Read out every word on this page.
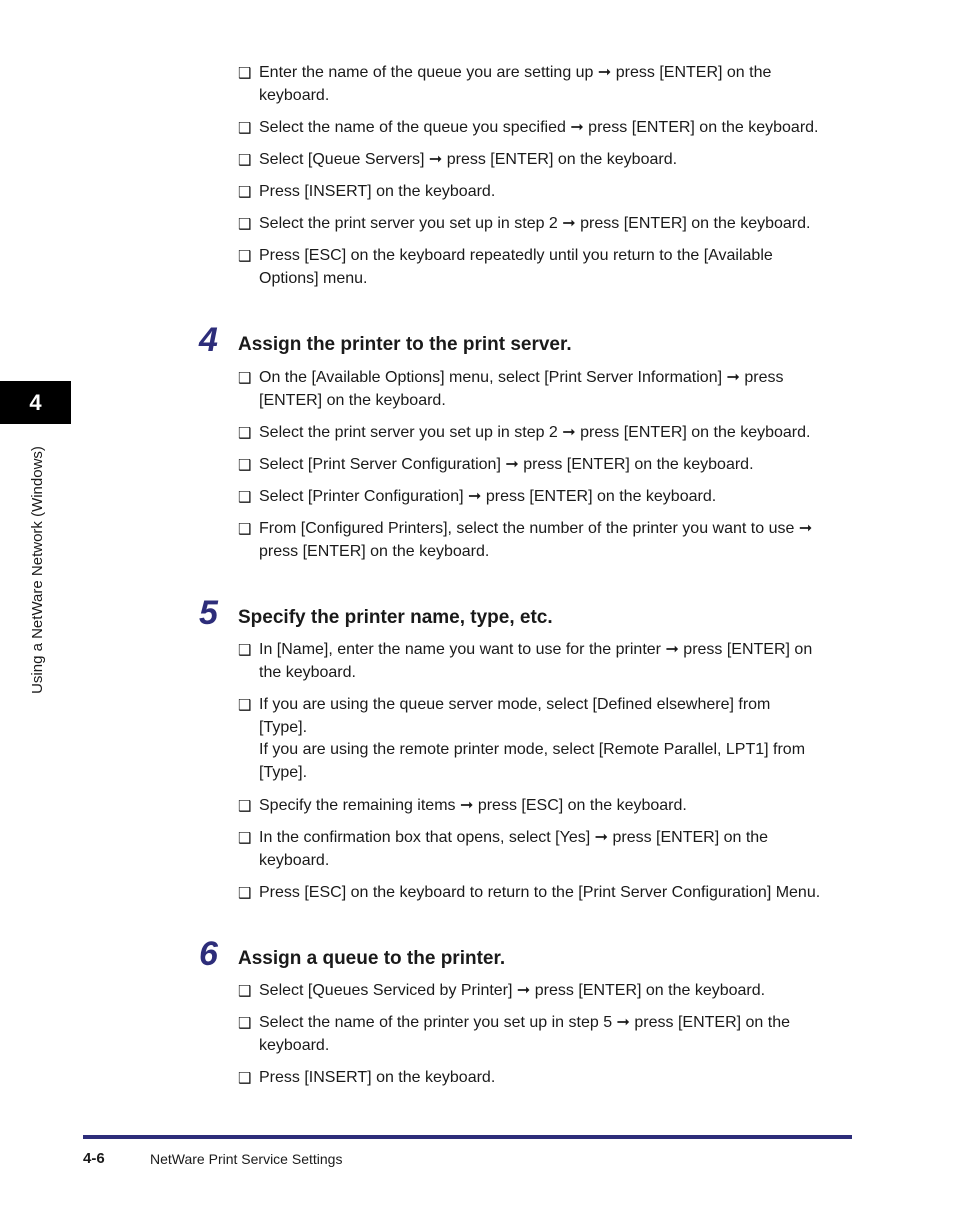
4
Using a NetWare Network (Windows)
❑ Enter the name of the queue you are setting up ➞ press [ENTER] on the
keyboard.
❑ Select the name of the queue you specified ➞ press [ENTER] on the keyboard.
❑ Select [Queue Servers] ➞ press [ENTER] on the keyboard.
❑ Press [INSERT] on the keyboard.
❑ Select the print server you set up in step 2 ➞ press [ENTER] on the keyboard.
❑ Press [ESC] on the keyboard repeatedly until you return to the [Available
Options] menu.
4 Assign the printer to the print server.
❑ On the [Available Options] menu, select [Print Server Information] ➞ press
[ENTER] on the keyboard.
❑ Select the print server you set up in step 2 ➞ press [ENTER] on the keyboard.
❑ Select [Print Server Configuration] ➞ press [ENTER] on the keyboard.
❑ Select [Printer Configuration] ➞ press [ENTER] on the keyboard.
❑ From [Configured Printers], select the number of the printer you want to use ➞
press [ENTER] on the keyboard.
5 Specify the printer name, type, etc.
❑ In [Name], enter the name you want to use for the printer ➞ press [ENTER] on
the keyboard.
❑ If you are using the queue server mode, select [Defined elsewhere] from
[Type].
If you are using the remote printer mode, select [Remote Parallel, LPT1] from
[Type].
❑ Specify the remaining items ➞ press [ESC] on the keyboard.
❑ In the confirmation box that opens, select [Yes] ➞ press [ENTER] on the
keyboard.
❑ Press [ESC] on the keyboard to return to the [Print Server Configuration] Menu.
6 Assign a queue to the printer.
❑ Select [Queues Serviced by Printer] ➞ press [ENTER] on the keyboard.
❑ Select the name of the printer you set up in step 5 ➞ press [ENTER] on the
keyboard.
❑ Press [INSERT] on the keyboard.
4-6	NetWare Print Service Settings
